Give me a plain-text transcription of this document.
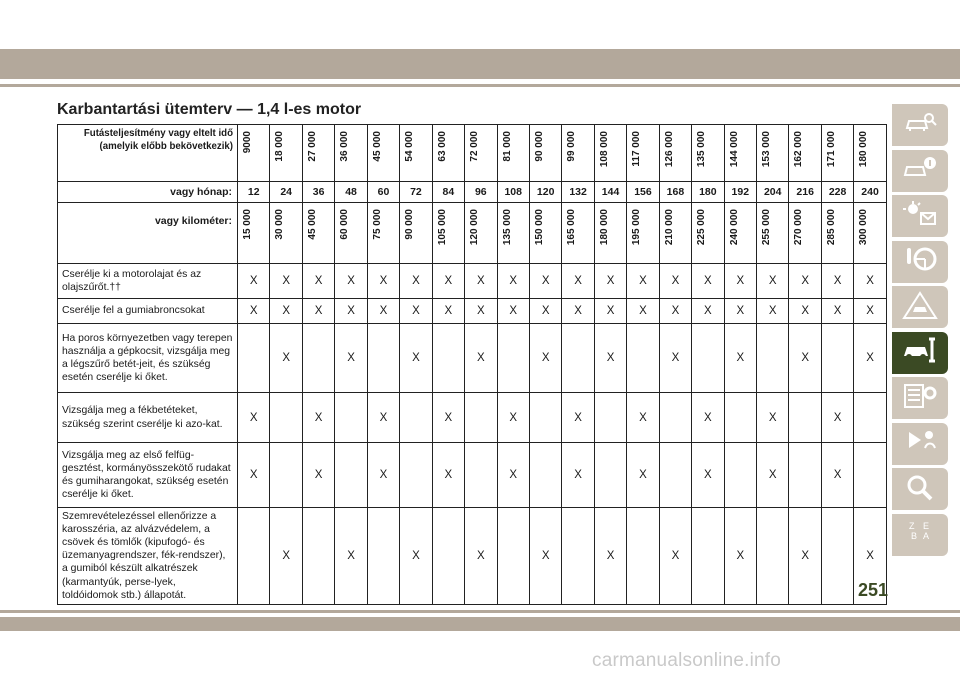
Karbantartási ütemterv — 1,4 l-es motor
Futásteljesítmény vagy eltelt idő (amelyik előbb bekövetkezik)	9000	18 000	27 000	36 000	45 000	54 000	63 000	72 000	81 000	90 000	99 000	108 000	117 000	126 000	135 000	144 000	153 000	162 000	171 000	180 000
vagy hónap:	12	24	36	48	60	72	84	96	108	120	132	144	156	168	180	192	204	216	228	240
vagy kilométer:	15 000	30 000	45 000	60 000	75 000	90 000	105 000	120 000	135 000	150 000	165 000	180 000	195 000	210 000	225 000	240 000	255 000	270 000	285 000	300 000
Cserélje ki a motorolajat és az olajszűrőt.††	X	X	X	X	X	X	X	X	X	X	X	X	X	X	X	X	X	X	X	X
Cserélje fel a gumiabroncsokat	X	X	X	X	X	X	X	X	X	X	X	X	X	X	X	X	X	X	X	X
Ha poros környezetben vagy terepen használja a gépkocsit, vizsgálja meg a légszűrő betét-jeit, és szükség esetén cserélje ki őket.		X		X		X		X		X		X		X		X		X		X
Vizsgálja meg a fékbetéteket, szükség szerint cserélje ki azo-kat.	X		X		X		X		X		X		X		X		X		X	
Vizsgálja meg az első felfüg-gesztést, kormányösszekötő rudakat és gumiharangokat, szükség esetén cserélje ki őket.	X		X		X		X		X		X		X		X		X		X	
Szemrevételezéssel ellenőrizze a karosszéria, az alvázvédelem, a csövek és tömlők (kipufogó- és üzemanyagrendszer, fék-rendszer), a gumiból készült alkatrészek (karmantyúk, perse-lyek, toldóidomok stb.) állapotát.		X		X		X		X		X		X		X		X		X		X
Z E
B A
251
carmanualsonline.info
